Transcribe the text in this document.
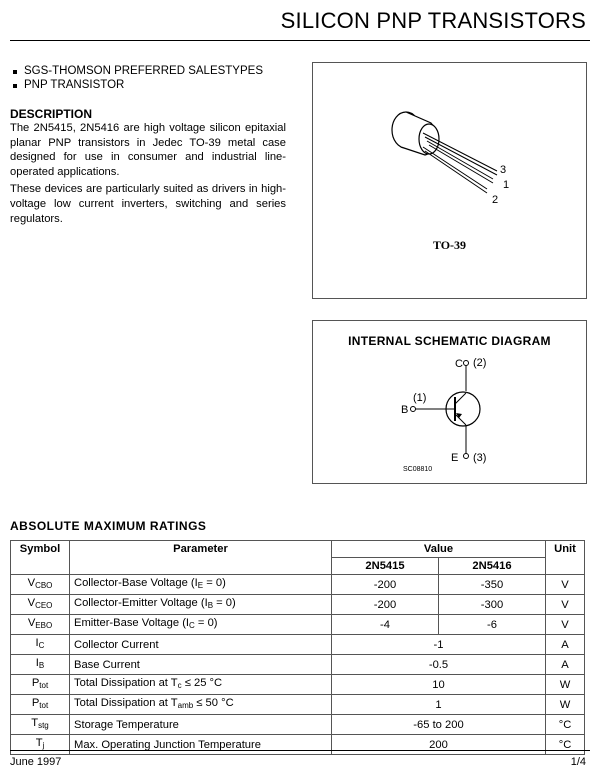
SILICON PNP TRANSISTORS
SGS-THOMSON PREFERRED SALESTYPES
PNP TRANSISTOR
DESCRIPTION

The 2N5415, 2N5416 are high voltage silicon epitaxial planar PNP transistors in Jedec TO-39 metal case designed for use in consumer and industrial line-operated applications.

These devices are particularly suited as drivers in high-voltage low current inverters, switching and series regulators.

3
1
2
TO-39
INTERNAL SCHEMATIC DIAGRAM
C (2)
B
(1)
E (3)
SC08810
ABSOLUTE MAXIMUM RATINGS
Symbol	Parameter	Value		Unit
		2N5415	2N5416	
VCBO	Collector-Base Voltage (IE = 0)	-200	-350	V
VCEO	Collector-Emitter Voltage (IB = 0)	-200	-300	V
VEBO	Emitter-Base Voltage (IC = 0)	-4	-6	V
IC	Collector Current	-1		A
IB	Base Current	-0.5		A
Ptot	Total Dissipation at Tc ≤ 25 °C	10		W
Ptot	Total Dissipation at Tamb ≤ 50 °C	1		W
Tstg	Storage Temperature	-65 to 200		°C
Tj	Max. Operating Junction Temperature	200		°C
June 1997	1/4
